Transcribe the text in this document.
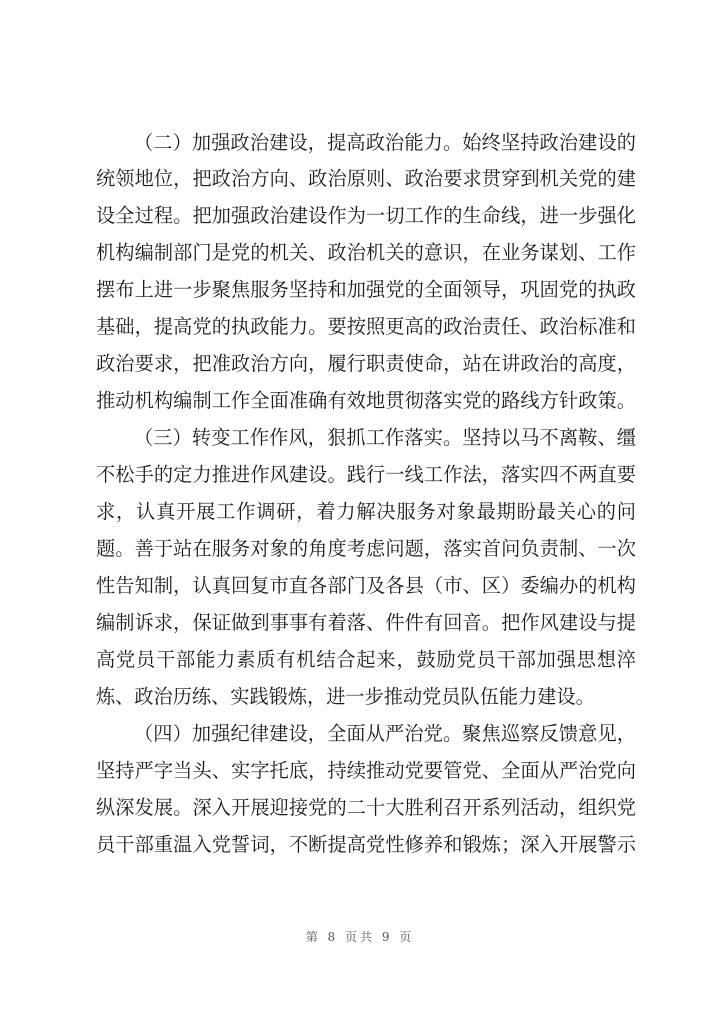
（二）加强政治建设，提高政治能力。始终坚持政治建设的
统领地位，把政治方向、政治原则、政治要求贯穿到机关党的建
设全过程。把加强政治建设作为一切工作的生命线，进一步强化
机构编制部门是党的机关、政治机关的意识，在业务谋划、工作
摆布上进一步聚焦服务坚持和加强党的全面领导，巩固党的执政
基础，提高党的执政能力。要按照更高的政治责任、政治标准和
政治要求，把准政治方向，履行职责使命，站在讲政治的高度，
推动机构编制工作全面准确有效地贯彻落实党的路线方针政策。
（三）转变工作作风，狠抓工作落实。坚持以马不离鞍、缰
不松手的定力推进作风建设。践行一线工作法，落实四不两直要
求，认真开展工作调研，着力解决服务对象最期盼最关心的问
题。善于站在服务对象的角度考虑问题，落实首问负责制、一次
性告知制，认真回复市直各部门及各县（市、区）委编办的机构
编制诉求，保证做到事事有着落、件件有回音。把作风建设与提
高党员干部能力素质有机结合起来，鼓励党员干部加强思想淬
炼、政治历练、实践锻炼，进一步推动党员队伍能力建设。
（四）加强纪律建设，全面从严治党。聚焦巡察反馈意见，
坚持严字当头、实字托底，持续推动党要管党、全面从严治党向
纵深发展。深入开展迎接党的二十大胜利召开系列活动，组织党
员干部重温入党誓词，不断提高党性修养和锻炼；深入开展警示
第 8 页共 9 页
